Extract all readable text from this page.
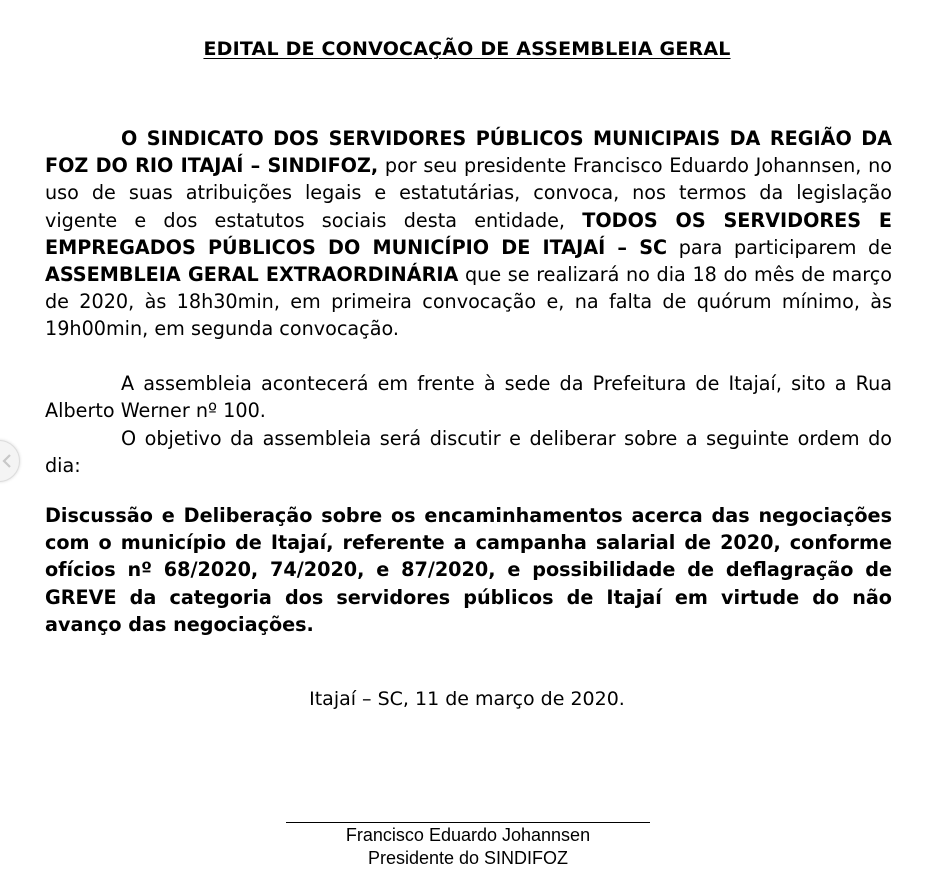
EDITAL DE CONVOCAÇÃO DE ASSEMBLEIA GERAL

O SINDICATO DOS SERVIDORES PÚBLICOS MUNICIPAIS DA REGIÃO DA FOZ DO RIO ITAJAÍ – SINDIFOZ, por seu presidente Francisco Eduardo Johannsen, no uso de suas atribuições legais e estatutárias, convoca, nos termos da legislação vigente e dos estatutos sociais desta entidade, TODOS OS SERVIDORES E EMPREGADOS PÚBLICOS DO MUNICÍPIO DE ITAJAÍ – SC para participarem de ASSEMBLEIA GERAL EXTRAORDINÁRIA que se realizará no dia 18 do mês de março de 2020, às 18h30min, em primeira convocação e, na falta de quórum mínimo, às 19h00min, em segunda convocação.

A assembleia acontecerá em frente à sede da Prefeitura de Itajaí, sito a Rua Alberto Werner nº 100.

O objetivo da assembleia será discutir e deliberar sobre a seguinte ordem do dia:

Discussão e Deliberação sobre os encaminhamentos acerca das negociações com o município de Itajaí, referente a campanha salarial de 2020, conforme ofícios nº 68/2020, 74/2020, e 87/2020, e possibilidade de deflagração de GREVE da categoria dos servidores públicos de Itajaí em virtude do não avanço das negociações.

Itajaí – SC, 11 de março de 2020.
Francisco Eduardo Johannsen
Presidente do SINDIFOZ
